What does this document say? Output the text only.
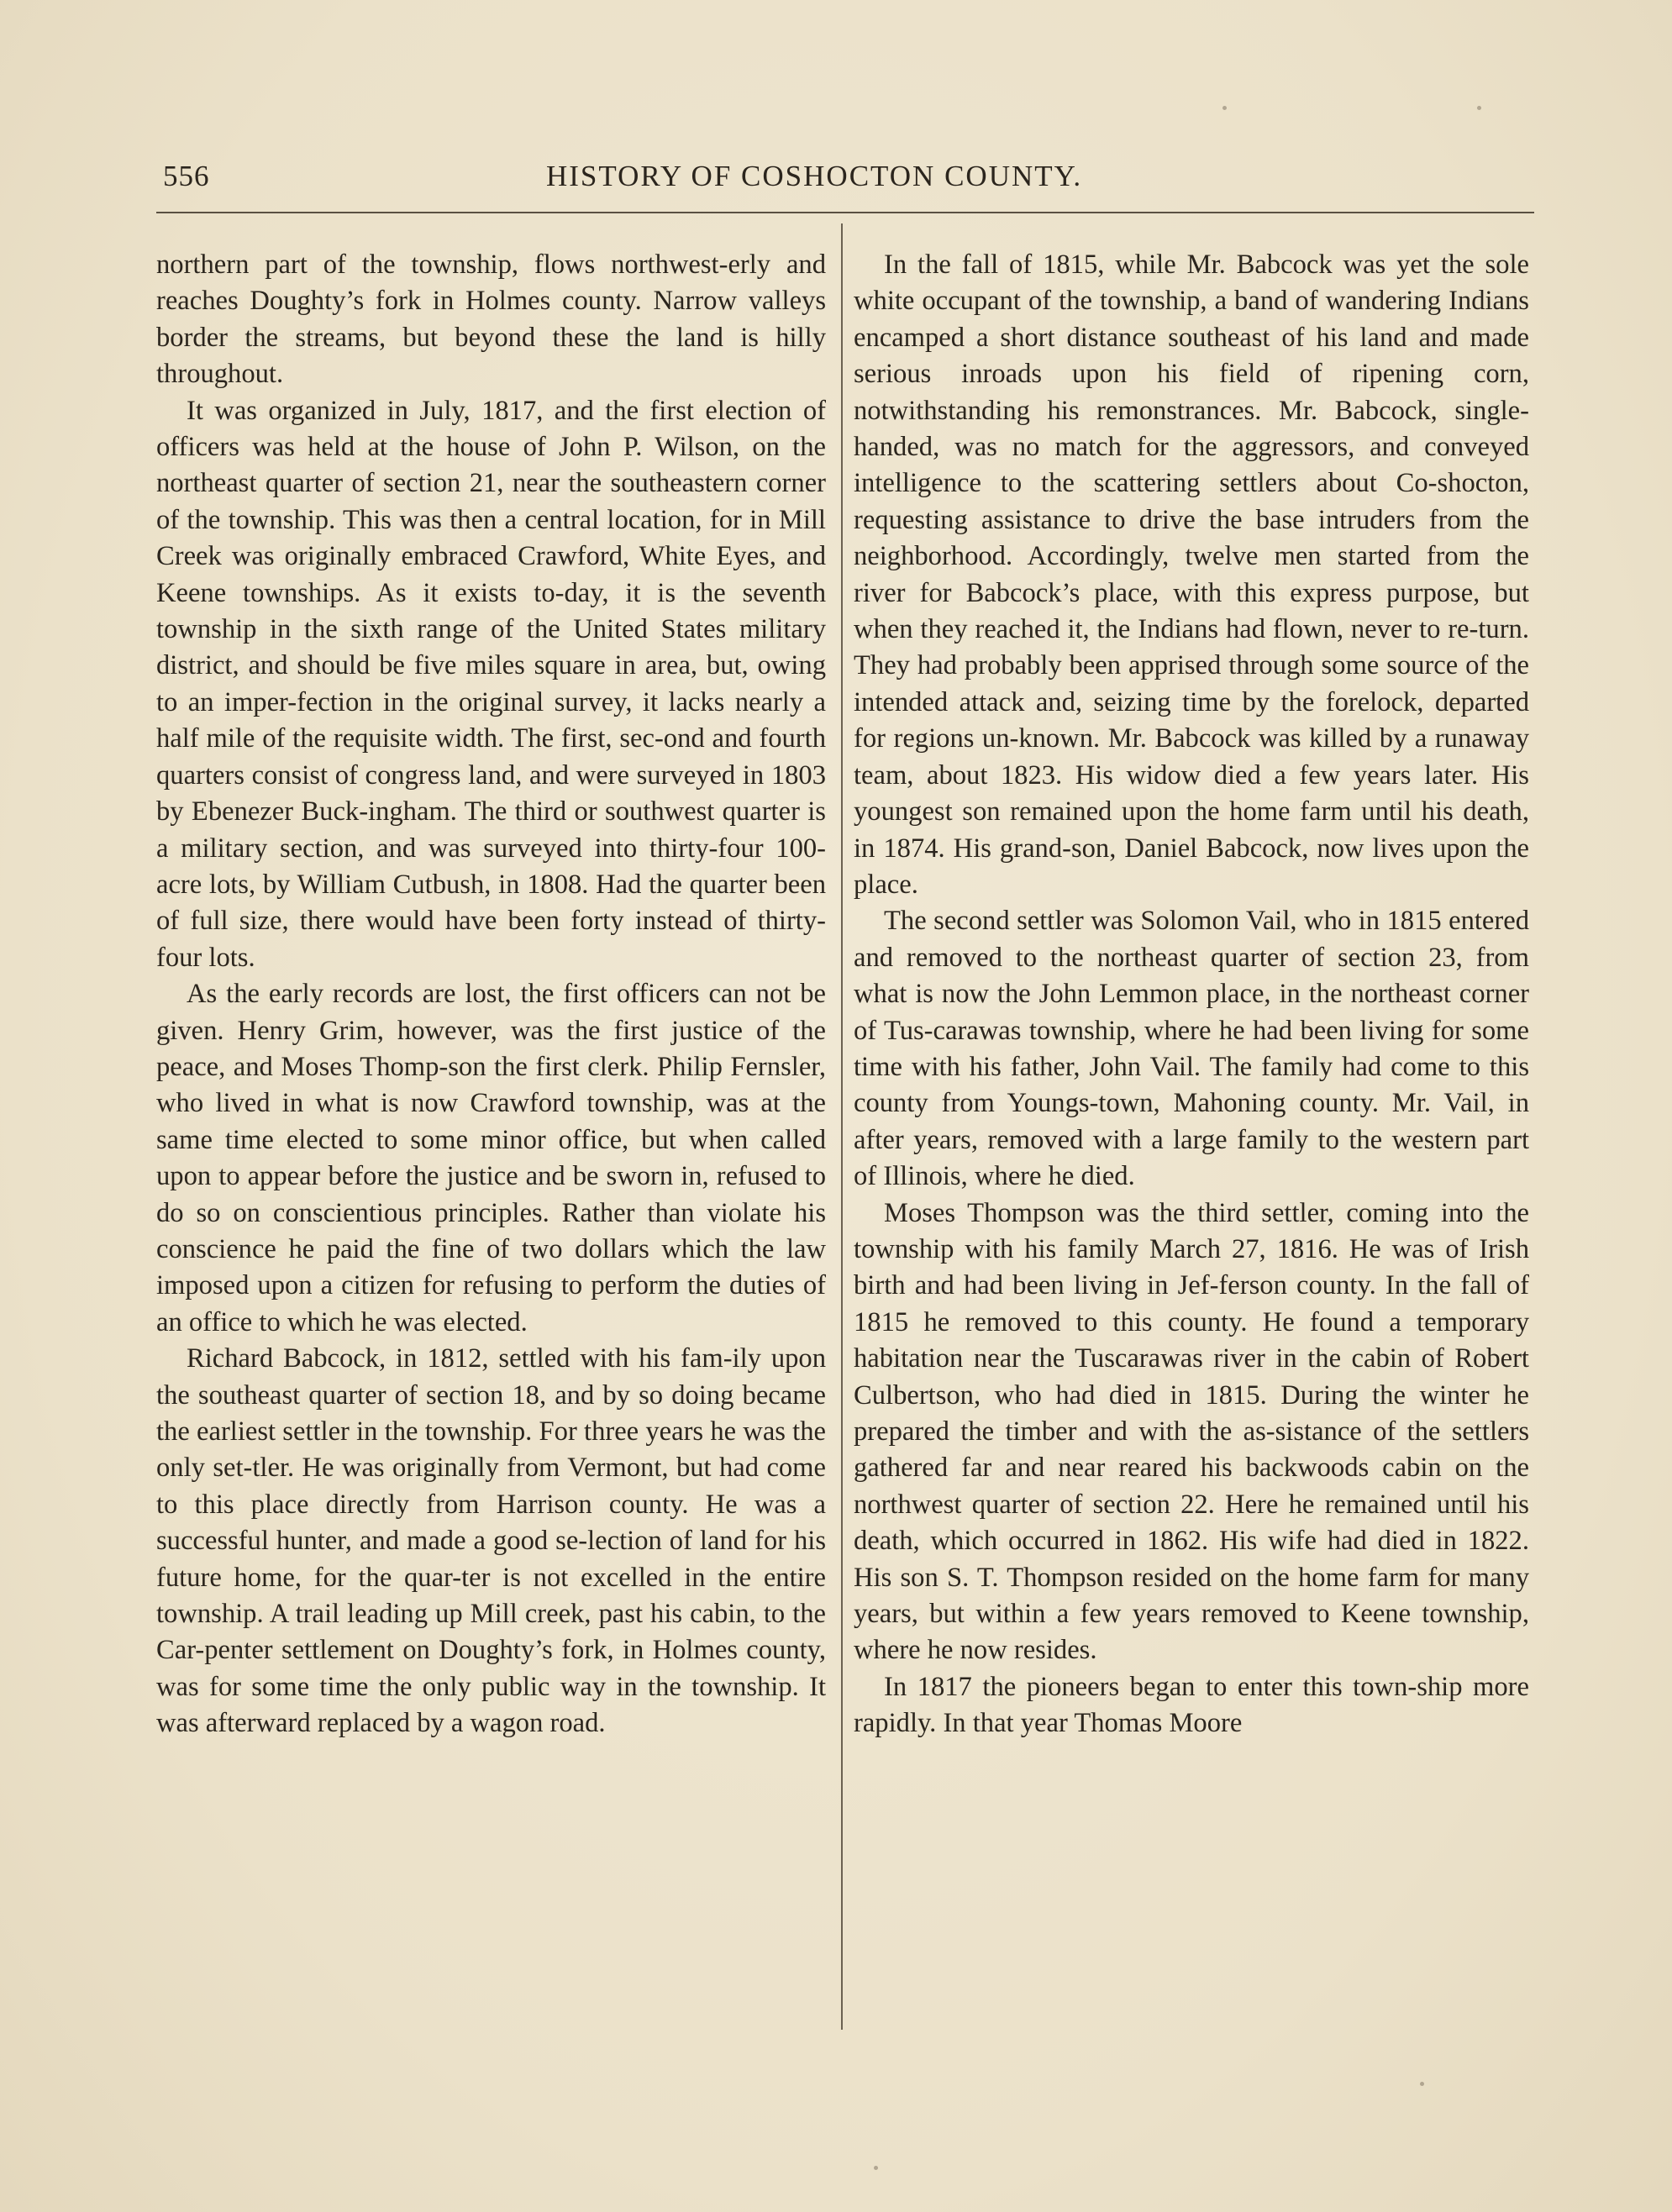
556	HISTORY OF COSHOCTON COUNTY.

northern part of the township, flows northwest-erly and reaches Doughty’s fork in Holmes county. Narrow valleys border the streams, but beyond these the land is hilly throughout.

It was organized in July, 1817, and the first election of officers was held at the house of John P. Wilson, on the northeast quarter of section 21, near the southeastern corner of the township. This was then a central location, for in Mill Creek was originally embraced Crawford, White Eyes, and Keene townships. As it exists to-day, it is the seventh township in the sixth range of the United States military district, and should be five miles square in area, but, owing to an imper-fection in the original survey, it lacks nearly a half mile of the requisite width. The first, sec-ond and fourth quarters consist of congress land, and were surveyed in 1803 by Ebenezer Buck-ingham. The third or southwest quarter is a military section, and was surveyed into thirty-four 100-acre lots, by William Cutbush, in 1808. Had the quarter been of full size, there would have been forty instead of thirty-four lots.

As the early records are lost, the first officers can not be given. Henry Grim, however, was the first justice of the peace, and Moses Thomp-son the first clerk. Philip Fernsler, who lived in what is now Crawford township, was at the same time elected to some minor office, but when called upon to appear before the justice and be sworn in, refused to do so on conscientious principles. Rather than violate his conscience he paid the fine of two dollars which the law imposed upon a citizen for refusing to perform the duties of an office to which he was elected.

Richard Babcock, in 1812, settled with his fam-ily upon the southeast quarter of section 18, and by so doing became the earliest settler in the township. For three years he was the only set-tler. He was originally from Vermont, but had come to this place directly from Harrison county. He was a successful hunter, and made a good se-lection of land for his future home, for the quar-ter is not excelled in the entire township. A trail leading up Mill creek, past his cabin, to the Car-penter settlement on Doughty’s fork, in Holmes county, was for some time the only public way in the township. It was afterward replaced by a wagon road.

In the fall of 1815, while Mr. Babcock was yet the sole white occupant of the township, a band of wandering Indians encamped a short distance southeast of his land and made serious inroads upon his field of ripening corn, notwithstanding his remonstrances. Mr. Babcock, single-handed, was no match for the aggressors, and conveyed intelligence to the scattering settlers about Co-shocton, requesting assistance to drive the base intruders from the neighborhood. Accordingly, twelve men started from the river for Babcock’s place, with this express purpose, but when they reached it, the Indians had flown, never to re-turn. They had probably been apprised through some source of the intended attack and, seizing time by the forelock, departed for regions un-known. Mr. Babcock was killed by a runaway team, about 1823. His widow died a few years later. His youngest son remained upon the home farm until his death, in 1874. His grand-son, Daniel Babcock, now lives upon the place.

The second settler was Solomon Vail, who in 1815 entered and removed to the northeast quarter of section 23, from what is now the John Lemmon place, in the northeast corner of Tus-carawas township, where he had been living for some time with his father, John Vail. The family had come to this county from Youngs-town, Mahoning county. Mr. Vail, in after years, removed with a large family to the western part of Illinois, where he died.

Moses Thompson was the third settler, coming into the township with his family March 27, 1816. He was of Irish birth and had been living in Jef-ferson county. In the fall of 1815 he removed to this county. He found a temporary habitation near the Tuscarawas river in the cabin of Robert Culbertson, who had died in 1815. During the winter he prepared the timber and with the as-sistance of the settlers gathered far and near reared his backwoods cabin on the northwest quarter of section 22. Here he remained until his death, which occurred in 1862. His wife had died in 1822. His son S. T. Thompson resided on the home farm for many years, but within a few years removed to Keene township, where he now resides.

In 1817 the pioneers began to enter this town-ship more rapidly. In that year Thomas Moore
